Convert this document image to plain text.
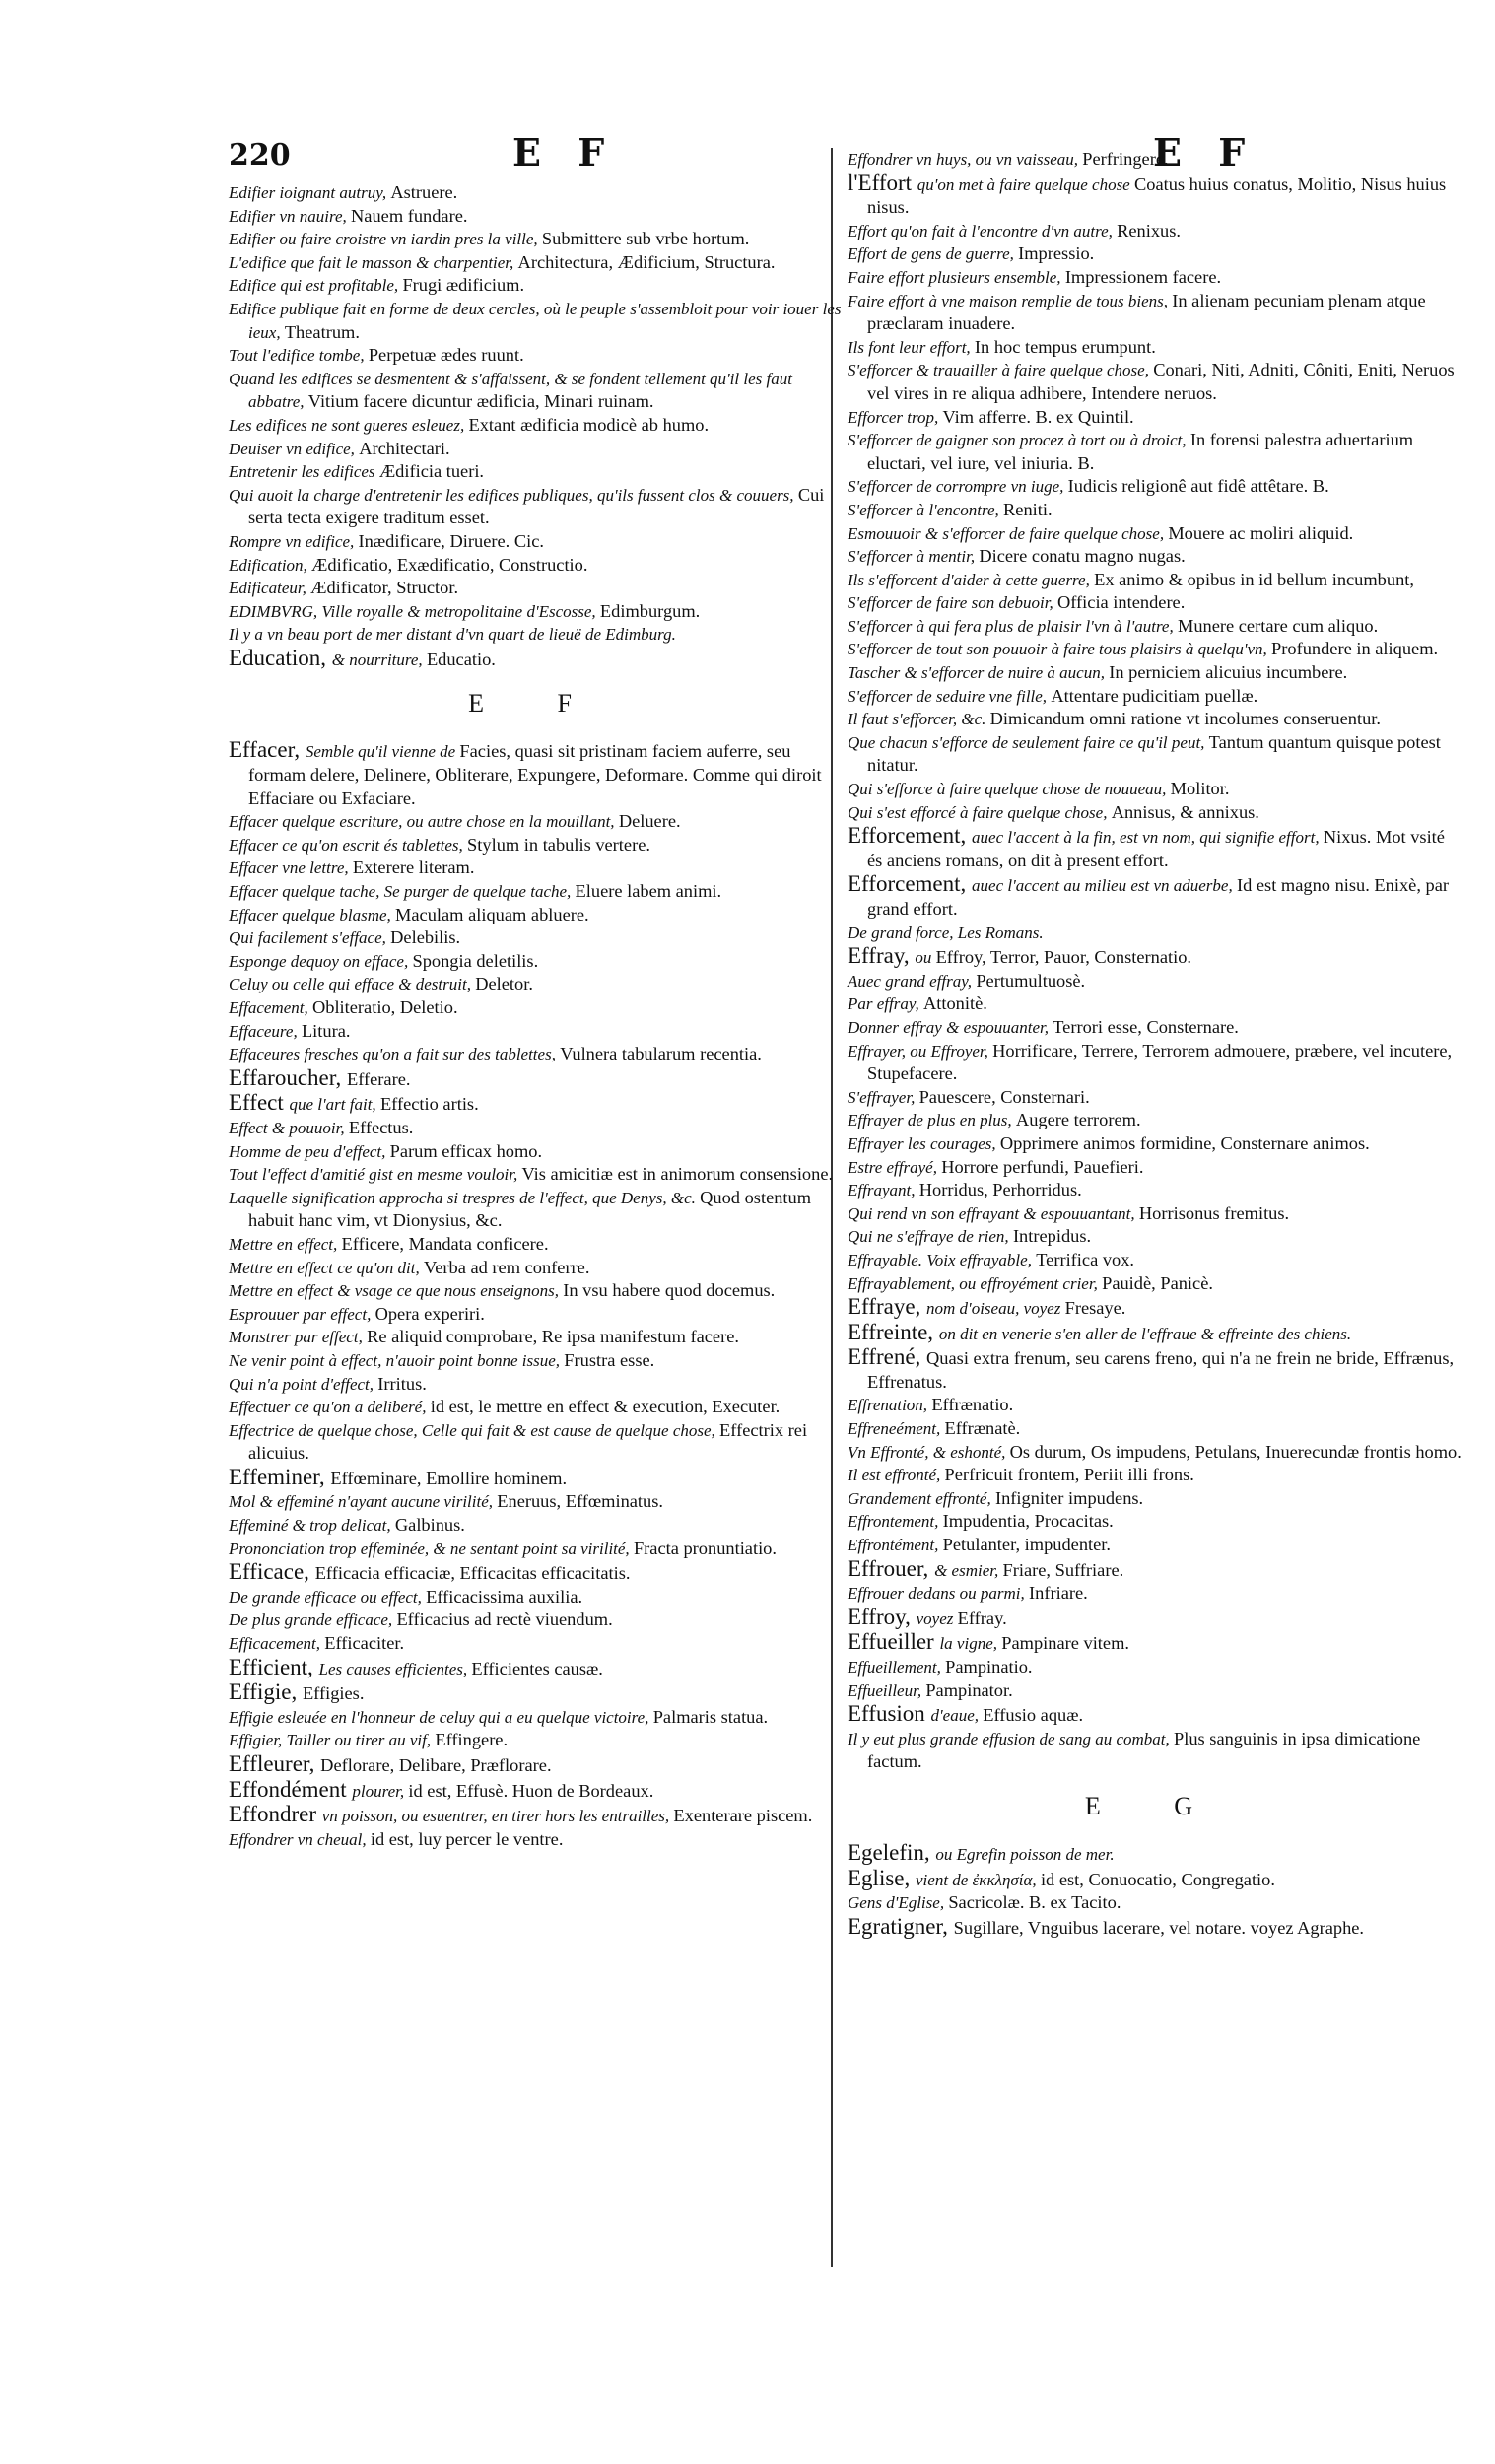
220	E F	E F

Edifier ioignant autruy, Astruere.

Edifier vn nauire, Nauem fundare.

Edifier ou faire croistre vn iardin pres la ville, Submittere sub vrbe hortum.

L'edifice que fait le masson & charpentier, Architectura, Ædificium, Structura.

Edifice qui est profitable, Frugi ædificium.

Edifice publique fait en forme de deux cercles, où le peuple s'assembloit pour voir iouer les ieux, Theatrum.

Tout l'edifice tombe, Perpetuæ ædes ruunt.

Quand les edifices se desmentent & s'affaissent, & se fondent tellement qu'il les faut abbatre, Vitium facere dicuntur ædificia, Minari ruinam.

Les edifices ne sont gueres esleuez, Extant ædificia modicè ab humo.

Deuiser vn edifice, Architectari.

Entretenir les edifices Ædificia tueri.

Qui auoit la charge d'entretenir les edifices publiques, qu'ils fussent clos & couuers, Cui serta tecta exigere traditum esset.

Rompre vn edifice, Inædificare, Diruere. Cic.

Edification, Ædificatio, Exædificatio, Constructio.

Edificateur, Ædificator, Structor.

EDIMBVRG, Ville royalle & metropolitaine d'Escosse, Edimburgum.

Il y a vn beau port de mer distant d'vn quart de lieuë de Edimburg.

Education, & nourriture, Educatio.

E F

Effacer, Semble qu'il vienne de Facies, quasi sit pristinam faciem auferre, seu formam delere, Delinere, Obliterare, Expungere, Deformare. Comme qui diroit Effaciare ou Exfaciare.

Effacer quelque escriture, ou autre chose en la mouillant, Deluere.

Effacer ce qu'on escrit és tablettes, Stylum in tabulis vertere.

Effacer vne lettre, Exterere literam.

Effacer quelque tache, Se purger de quelque tache, Eluere labem animi.

Effacer quelque blasme, Maculam aliquam abluere.

Qui facilement s'efface, Delebilis.

Esponge dequoy on efface, Spongia deletilis.

Celuy ou celle qui efface & destruit, Deletor.

Effacement, Obliteratio, Deletio.

Effaceure, Litura.

Effaceures fresches qu'on a fait sur des tablettes, Vulnera tabularum recentia.

Effaroucher, Efferare.

Effect que l'art fait, Effectio artis.

Effect & pouuoir, Effectus.

Homme de peu d'effect, Parum efficax homo.

Tout l'effect d'amitié gist en mesme vouloir, Vis amicitiæ est in animorum consensione.

Laquelle signification approcha si trespres de l'effect, que Denys, &c. Quod ostentum habuit hanc vim, vt Dionysius, &c.

Mettre en effect, Efficere, Mandata conficere.

Mettre en effect ce qu'on dit, Verba ad rem conferre.

Mettre en effect & vsage ce que nous enseignons, In vsu habere quod docemus.

Esprouuer par effect, Opera experiri.

Monstrer par effect, Re aliquid comprobare, Re ipsa manifestum facere.

Ne venir point à effect, n'auoir point bonne issue, Frustra esse.

Qui n'a point d'effect, Irritus.

Effectuer ce qu'on a deliberé, id est, le mettre en effect & execution, Executer.

Effectrice de quelque chose, Celle qui fait & est cause de quelque chose, Effectrix rei alicuius.

Effeminer, Effœminare, Emollire hominem.

Mol & effeminé n'ayant aucune virilité, Eneruus, Effœminatus.

Effeminé & trop delicat, Galbinus.

Prononciation trop effeminée, & ne sentant point sa virilité, Fracta pronuntiatio.

Efficace, Efficacia efficaciæ, Efficacitas efficacitatis.

De grande efficace ou effect, Efficacissima auxilia.

De plus grande efficace, Efficacius ad rectè viuendum.

Efficacement, Efficaciter.

Efficient, Les causes efficientes, Efficientes causæ.

Effigie, Effigies.

Effigie esleuée en l'honneur de celuy qui a eu quelque victoire, Palmaris statua.

Effigier, Tailler ou tirer au vif, Effingere.

Effleurer, Deflorare, Delibare, Præflorare.

Effondément plourer, id est, Effusè. Huon de Bordeaux.

Effondrer vn poisson, ou esuentrer, en tirer hors les entrailles, Exenterare piscem.

Effondrer vn cheual, id est, luy percer le ventre.

Effondrer vn huys, ou vn vaisseau, Perfringere.

l'Effort qu'on met à faire quelque chose Coatus huius conatus, Molitio, Nisus huius nisus.

Effort qu'on fait à l'encontre d'vn autre, Renixus.

Effort de gens de guerre, Impressio.

Faire effort plusieurs ensemble, Impressionem facere.

Faire effort à vne maison remplie de tous biens, In alienam pecuniam plenam atque præclaram inuadere.

Ils font leur effort, In hoc tempus erumpunt.

S'efforcer & trauailler à faire quelque chose, Conari, Niti, Adniti, Côniti, Eniti, Neruos vel vires in re aliqua adhibere, Intendere neruos.

Efforcer trop, Vim afferre. B. ex Quintil.

S'efforcer de gaigner son procez à tort ou à droict, In forensi palestra aduertarium eluctari, vel iure, vel iniuria. B.

S'efforcer de corrompre vn iuge, Iudicis religionê aut fidê attêtare. B.

S'efforcer à l'encontre, Reniti.

Esmouuoir & s'efforcer de faire quelque chose, Mouere ac moliri aliquid.

S'efforcer à mentir, Dicere conatu magno nugas.

Ils s'efforcent d'aider à cette guerre, Ex animo & opibus in id bellum incumbunt,

S'efforcer de faire son debuoir, Officia intendere.

S'efforcer à qui fera plus de plaisir l'vn à l'autre, Munere certare cum aliquo.

S'efforcer de tout son pouuoir à faire tous plaisirs à quelqu'vn, Profundere in aliquem.

Tascher & s'efforcer de nuire à aucun, In perniciem alicuius incumbere.

S'efforcer de seduire vne fille, Attentare pudicitiam puellæ.

Il faut s'efforcer, &c. Dimicandum omni ratione vt incolumes conseruentur.

Que chacun s'efforce de seulement faire ce qu'il peut, Tantum quantum quisque potest nitatur.

Qui s'efforce à faire quelque chose de nouueau, Molitor.

Qui s'est efforcé à faire quelque chose, Annisus, & annixus.

Efforcement, auec l'accent à la fin, est vn nom, qui signifie effort, Nixus. Mot vsité és anciens romans, on dit à present effort.

Efforcement, auec l'accent au milieu est vn aduerbe, Id est magno nisu. Enixè, par grand effort.

De grand force, Les Romans.

Effray, ou Effroy, Terror, Pauor, Consternatio.

Auec grand effray, Pertumultuosè.

Par effray, Attonitè.

Donner effray & espouuanter, Terrori esse, Consternare.

Effrayer, ou Effroyer, Horrificare, Terrere, Terrorem admouere, præbere, vel incutere, Stupefacere.

S'effrayer, Pauescere, Consternari.

Effrayer de plus en plus, Augere terrorem.

Effrayer les courages, Opprimere animos formidine, Consternare animos.

Estre effrayé, Horrore perfundi, Pauefieri.

Effrayant, Horridus, Perhorridus.

Qui rend vn son effrayant & espouuantant, Horrisonus fremitus.

Qui ne s'effraye de rien, Intrepidus.

Effrayable. Voix effrayable, Terrifica vox.

Effrayablement, ou effroyément crier, Pauidè, Panicè.

Effraye, nom d'oiseau, voyez Fresaye.

Effreinte, on dit en venerie s'en aller de l'effraue & effreinte des chiens.

Effrené, Quasi extra frenum, seu carens freno, qui n'a ne frein ne bride, Effrænus, Effrenatus.

Effrenation, Effrænatio.

Effreneément, Effrænatè.

Vn Effronté, & eshonté, Os durum, Os impudens, Petulans, Inuerecundæ frontis homo.

Il est effronté, Perfricuit frontem, Periit illi frons.

Grandement effronté, Infigniter impudens.

Effrontement, Impudentia, Procacitas.

Effrontément, Petulanter, impudenter.

Effrouer, & esmier, Friare, Suffriare.

Effrouer dedans ou parmi, Infriare.

Effroy, voyez Effray.

Effueiller la vigne, Pampinare vitem.

Effueillement, Pampinatio.

Effueilleur, Pampinator.

Effusion d'eaue, Effusio aquæ.

Il y eut plus grande effusion de sang au combat, Plus sanguinis in ipsa dimicatione factum.

E G

Egelefin, ou Egrefin poisson de mer.

Eglise, vient de ἐκκλησία, id est, Conuocatio, Congregatio.

Gens d'Eglise, Sacricolæ. B. ex Tacito.

Egratigner, Sugillare, Vnguibus lacerare, vel notare. voyez Agraphe.
